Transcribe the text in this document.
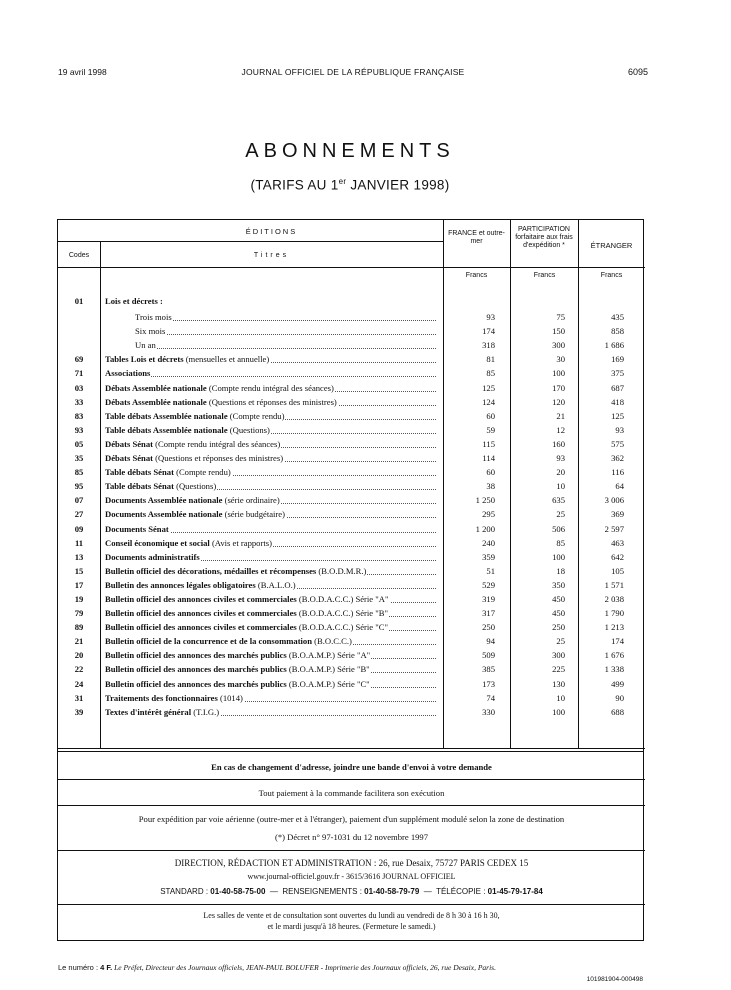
19 avril 1998	JOURNAL OFFICIEL DE LA RÉPUBLIQUE FRANÇAISE	6095
ABONNEMENTS
(TARIFS AU 1er JANVIER 1998)
ÉDITIONS
Codes	Titres
FRANCE et outre-mer
PARTICIPATION forfaitaire aux frais d'expédition *	ÉTRANGER
Francs	Francs	Francs
01	Lois et décrets :
Trois mois	93	75	435
Six mois	174	150	858
Un an	318	300	1 686
69	Tables Lois et décrets (mensuelles et annuelle)	81	30	169
71	Associations	85	100	375
03	Débats Assemblée nationale (Compte rendu intégral des séances)	125	170	687
33	Débats Assemblée nationale (Questions et réponses des ministres)	124	120	418
83	Table débats Assemblée nationale (Compte rendu)	60	21	125
93	Table débats Assemblée nationale (Questions)	59	12	93
05	Débats Sénat (Compte rendu intégral des séances)	115	160	575
35	Débats Sénat (Questions et réponses des ministres)	114	93	362
85	Table débats Sénat (Compte rendu)	60	20	116
95	Table débats Sénat (Questions)	38	10	64
07	Documents Assemblée nationale (série ordinaire)	1 250	635	3 006
27	Documents Assemblée nationale (série budgétaire)	295	25	369
09	Documents Sénat	1 200	506	2 597
11	Conseil économique et social (Avis et rapports)	240	85	463
13	Documents administratifs	359	100	642
15	Bulletin officiel des décorations, médailles et récompenses (B.O.D.M.R.)	51	18	105
17	Bulletin des annonces légales obligatoires (B.A.L.O.)	529	350	1 571
19	Bulletin officiel des annonces civiles et commerciales (B.O.D.A.C.C.) Série "A"	319	450	2 038
79	Bulletin officiel des annonces civiles et commerciales (B.O.D.A.C.C.) Série "B"	317	450	1 790
89	Bulletin officiel des annonces civiles et commerciales (B.O.D.A.C.C.) Série "C"	250	250	1 213
21	Bulletin officiel de la concurrence et de la consommation (B.O.C.C.)	94	25	174
20	Bulletin officiel des annonces des marchés publics (B.O.A.M.P.) Série "A"	509	300	1 676
22	Bulletin officiel des annonces des marchés publics (B.O.A.M.P.) Série "B"	385	225	1 338
24	Bulletin officiel des annonces des marchés publics (B.O.A.M.P.) Série "C"	173	130	499
31	Traitements des fonctionnaires (1014)	74	10	90
39	Textes d'intérêt général (T.I.G.)	330	100	688
En cas de changement d'adresse, joindre une bande d'envoi à votre demande
Tout paiement à la commande facilitera son exécution
Pour expédition par voie aérienne (outre-mer et à l'étranger), paiement d'un supplément modulé selon la zone de destination
(*) Décret n° 97-1031 du 12 novembre 1997
DIRECTION, RÉDACTION ET ADMINISTRATION : 26, rue Desaix, 75727 PARIS CEDEX 15
www.journal-officiel.gouv.fr - 3615/3616 JOURNAL OFFICIEL
STANDARD : 01-40-58-75-00 — RENSEIGNEMENTS : 01-40-58-79-79 — TÉLÉCOPIE : 01-45-79-17-84
Les salles de vente et de consultation sont ouvertes du lundi au vendredi de 8 h 30 à 16 h 30,
et le mardi jusqu'à 18 heures. (Fermeture le samedi.)
Le numéro : 4 F. Le Préfet, Directeur des Journaux officiels, JEAN-PAUL BOLUFER - Imprimerie des Journaux officiels, 26, rue Desaix, Paris.
101981904-000498
